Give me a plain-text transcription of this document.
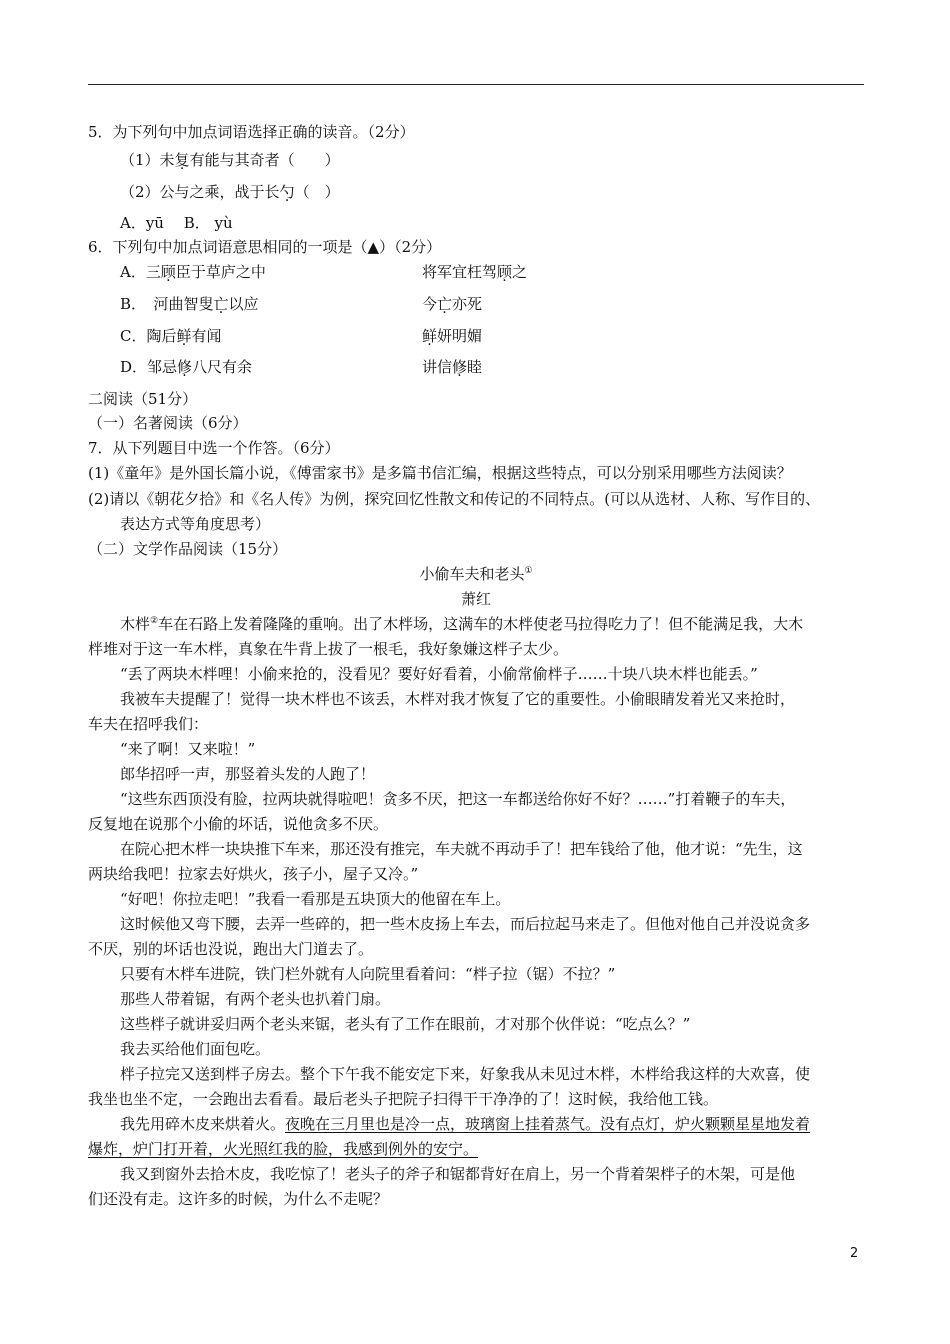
5．为下列句中加点词语选择正确的读音。（2分）
（1）未复有能与其奇者（　　）
（2）公与之乘，战于长勺（　）
A．yū　 B． yù
6．下列句中加点词语意思相同的一项是（▲）（2分）
A．三顾臣于草庐之中	将军宜枉驾顾之
B．　河曲智叟亡以应	今亡亦死
C．陶后鲜有闻	鲜妍明媚
D．邹忌修八尺有余	讲信修睦
二阅读（51分）
（一）名著阅读（6分）
7．从下列题目中选一个作答。（6分）
(1)《童年》是外国长篇小说，《傅雷家书》是多篇书信汇编，根据这些特点，可以分别采用哪些方法阅读？
(2)请以《朝花夕拾》和《名人传》为例，探究回忆性散文和传记的不同特点。(可以从选材、人称、写作目的、
表达方式等角度思考）
（二）文学作品阅读（15分）
小偷车夫和老头①
萧红
木柈②车在石路上发着隆隆的重响。出了木柈场，这满车的木柈使老马拉得吃力了！但不能满足我，大木
柈堆对于这一车木柈，真象在牛背上拔了一根毛，我好象嫌这柈子太少。
“丢了两块木柈哩！小偷来抢的，没看见？要好好看着，小偷常偷柈子……十块八块木柈也能丢。”
我被车夫提醒了！觉得一块木柈也不该丢，木柈对我才恢复了它的重要性。小偷眼睛发着光又来抢时，
车夫在招呼我们：
“来了啊！又来啦！”
郎华招呼一声，那竖着头发的人跑了！
“这些东西顶没有脸，拉两块就得啦吧！贪多不厌，把这一车都送给你好不好？……”打着鞭子的车夫，
反复地在说那个小偷的坏话，说他贪多不厌。
在院心把木柈一块块推下车来，那还没有推完，车夫就不再动手了！把车钱给了他，他才说：“先生，这
两块给我吧！拉家去好烘火，孩子小，屋子又冷。”
“好吧！你拉走吧！”我看一看那是五块顶大的他留在车上。
这时候他又弯下腰，去弄一些碎的，把一些木皮扬上车去，而后拉起马来走了。但他对他自己并没说贪多
不厌，别的坏话也没说，跑出大门道去了。
只要有木柈车进院，铁门栏外就有人向院里看着问：“柈子拉（锯）不拉？”
那些人带着锯，有两个老头也扒着门扇。
这些柈子就讲妥归两个老头来锯，老头有了工作在眼前，才对那个伙伴说：“吃点么？”
我去买给他们面包吃。
柈子拉完又送到柈子房去。整个下午我不能安定下来，好象我从未见过木柈，木柈给我这样的大欢喜，使
我坐也坐不定，一会跑出去看看。最后老头子把院子扫得干干净净的了！这时候，我给他工钱。
我先用碎木皮来烘着火。夜晚在三月里也是冷一点，玻璃窗上挂着蒸气。没有点灯，炉火颗颗星星地发着
爆炸，炉门打开着，火光照红我的脸，我感到例外的安宁。
我又到窗外去拾木皮，我吃惊了！老头子的斧子和锯都背好在肩上，另一个背着架柈子的木架，可是他
们还没有走。这许多的时候，为什么不走呢？
2
